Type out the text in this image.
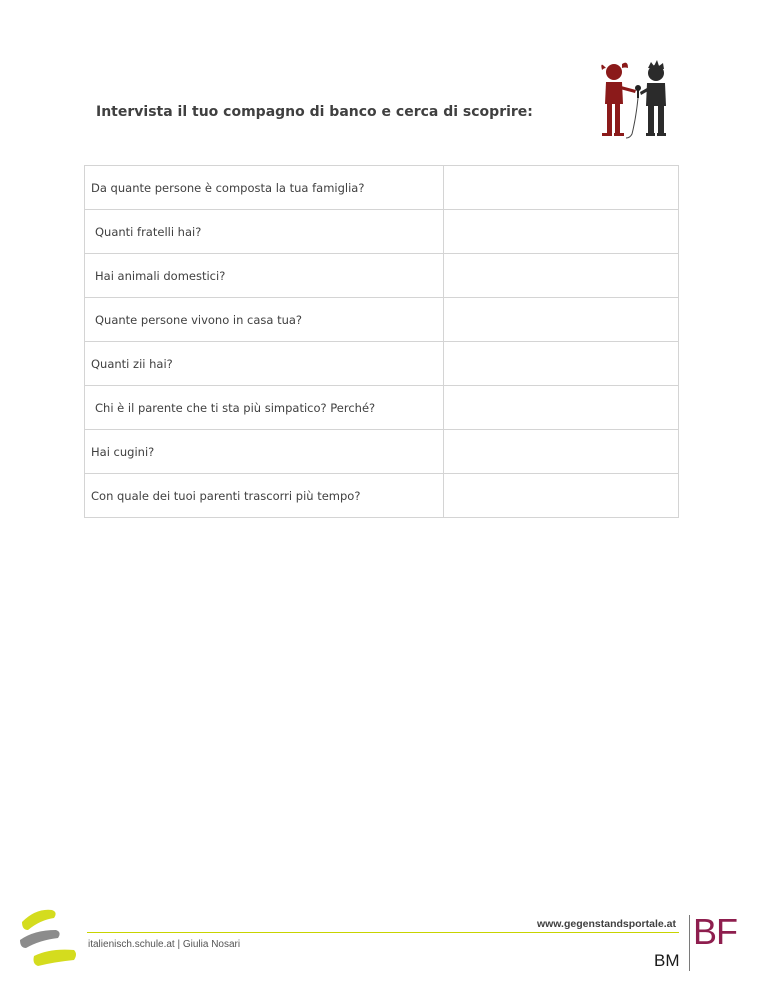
Intervista il tuo compagno di banco e cerca di scoprire:
Da quante persone è composta la tua famiglia?	
Quanti fratelli hai?	
Hai animali domestici?	
Quante persone vivono in casa tua?	
Quanti zii hai?	
Chi è il parente che ti sta più simpatico? Perché?	
Hai cugini?	
Con quale dei tuoi parenti trascorri più tempo?	
www.gegenstandsportale.at
italienisch.schule.at | Giulia Nosari
BM
BF
